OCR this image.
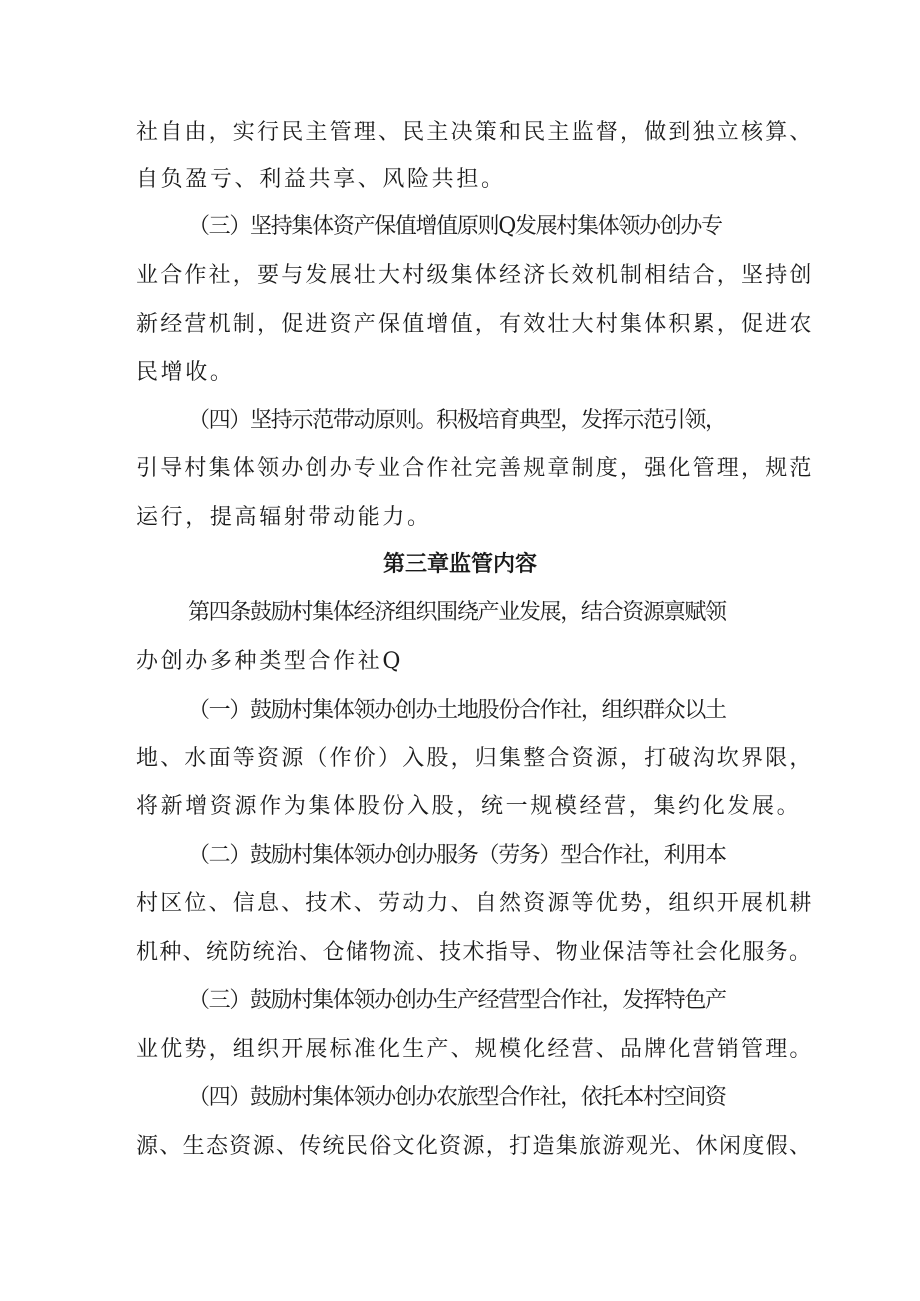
社自由，实行民主管理、民主决策和民主监督，做到独立核算、
自负盈亏、利益共享、风险共担。
（三）坚持集体资产保值增值原则Q发展村集体领办创办专
业合作社，要与发展壮大村级集体经济长效机制相结合，坚持创
新经营机制，促进资产保值增值，有效壮大村集体积累，促进农
民增收。
（四）坚持示范带动原则。积极培育典型，发挥示范引领，
引导村集体领办创办专业合作社完善规章制度，强化管理，规范
运行，提高辐射带动能力。
第三章监管内容
第四条鼓励村集体经济组织围绕产业发展，结合资源禀赋领
办创办多种类型合作社Q
（一）鼓励村集体领办创办土地股份合作社，组织群众以土
地、水面等资源（作价）入股，归集整合资源，打破沟坎界限，
将新增资源作为集体股份入股，统一规模经营，集约化发展。
（二）鼓励村集体领办创办服务（劳务）型合作社，利用本
村区位、信息、技术、劳动力、自然资源等优势，组织开展机耕
机种、统防统治、仓储物流、技术指导、物业保洁等社会化服务。
（三）鼓励村集体领办创办生产经营型合作社，发挥特色产
业优势，组织开展标准化生产、规模化经营、品牌化营销管理。
（四）鼓励村集体领办创办农旅型合作社，依托本村空间资
源、生态资源、传统民俗文化资源，打造集旅游观光、休闲度假、
